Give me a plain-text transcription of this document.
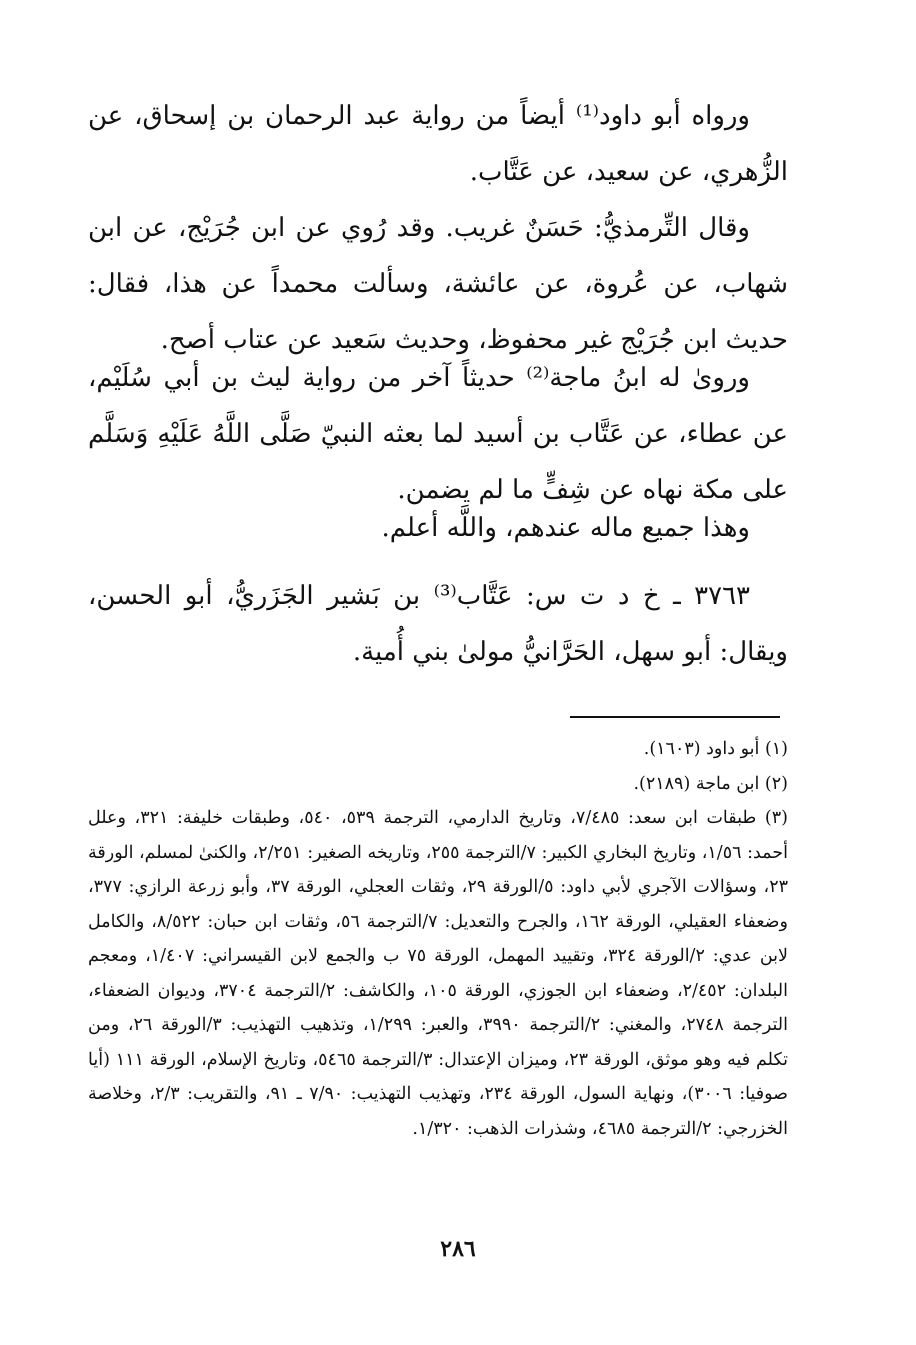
ورواه أبو داود⁽¹⁾ أيضاً من رواية عبد الرحمان بن إسحاق، عن الزُّهري، عن سعيد، عن عَتَّاب.

وقال التِّرمذيُّ: حَسَنٌ غريب. وقد رُوي عن ابن جُرَيْج، عن ابن شهاب، عن عُروة، عن عائشة، وسألت محمداً عن هذا، فقال: حديث ابن جُرَيْج غير محفوظ، وحديث سَعيد عن عتاب أصح.

وروىٰ له ابنُ ماجة⁽²⁾ حديثاً آخر من رواية ليث بن أبي سُلَيْم، عن عطاء، عن عَتَّاب بن أسيد لما بعثه النبيّ صَلَّى اللَّهُ عَلَيْهِ وَسَلَّم على مكة نهاه عن شِفٍّ ما لم يضمن.

وهذا جميع ماله عندهم، واللَّه أعلم.

٣٧٦٣ ـ خ د ت س: عَتَّاب⁽³⁾ بن بَشير الجَزَريُّ، أبو الحسن، ويقال: أبو سهل، الحَرَّانيُّ مولىٰ بني أُمية.

(١) أبو داود (١٦٠٣).

(٢) ابن ماجة (٢١٨٩).

(٣) طبقات ابن سعد: ٧/٤٨٥، وتاريخ الدارمي، الترجمة ٥٣٩، ٥٤٠، وطبقات خليفة: ٣٢١، وعلل أحمد: ١/٥٦، وتاريخ البخاري الكبير: ٧/الترجمة ٢٥٥، وتاريخه الصغير: ٢/٢٥١، والكنىٰ لمسلم، الورقة ٢٣، وسؤالات الآجري لأبي داود: ٥/الورقة ٢٩، وثقات العجلي، الورقة ٣٧، وأبو زرعة الرازي: ٣٧٧، وضعفاء العقيلي، الورقة ١٦٢، والجرح والتعديل: ٧/الترجمة ٥٦، وثقات ابن حبان: ٨/٥٢٢، والكامل لابن عدي: ٢/الورقة ٣٢٤، وتقييد المهمل، الورقة ٧٥ ب والجمع لابن القيسراني: ١/٤٠٧، ومعجم البلدان: ٢/٤٥٢، وضعفاء ابن الجوزي، الورقة ١٠٥، والكاشف: ٢/الترجمة ٣٧٠٤، وديوان الضعفاء، الترجمة ٢٧٤٨، والمغني: ٢/الترجمة ٣٩٩٠، والعبر: ١/٢٩٩، وتذهيب التهذيب: ٣/الورقة ٢٦، ومن تكلم فيه وهو موثق، الورقة ٢٣، وميزان الإعتدال: ٣/الترجمة ٥٤٦٥، وتاريخ الإسلام، الورقة ١١١ (أيا صوفيا: ٣٠٠٦)، ونهاية السول، الورقة ٢٣٤، وتهذيب التهذيب: ٧/٩٠ ـ ٩١، والتقريب: ٢/٣، وخلاصة الخزرجي: ٢/الترجمة ٤٦٨٥، وشذرات الذهب: ١/٣٢٠.

٢٨٦
